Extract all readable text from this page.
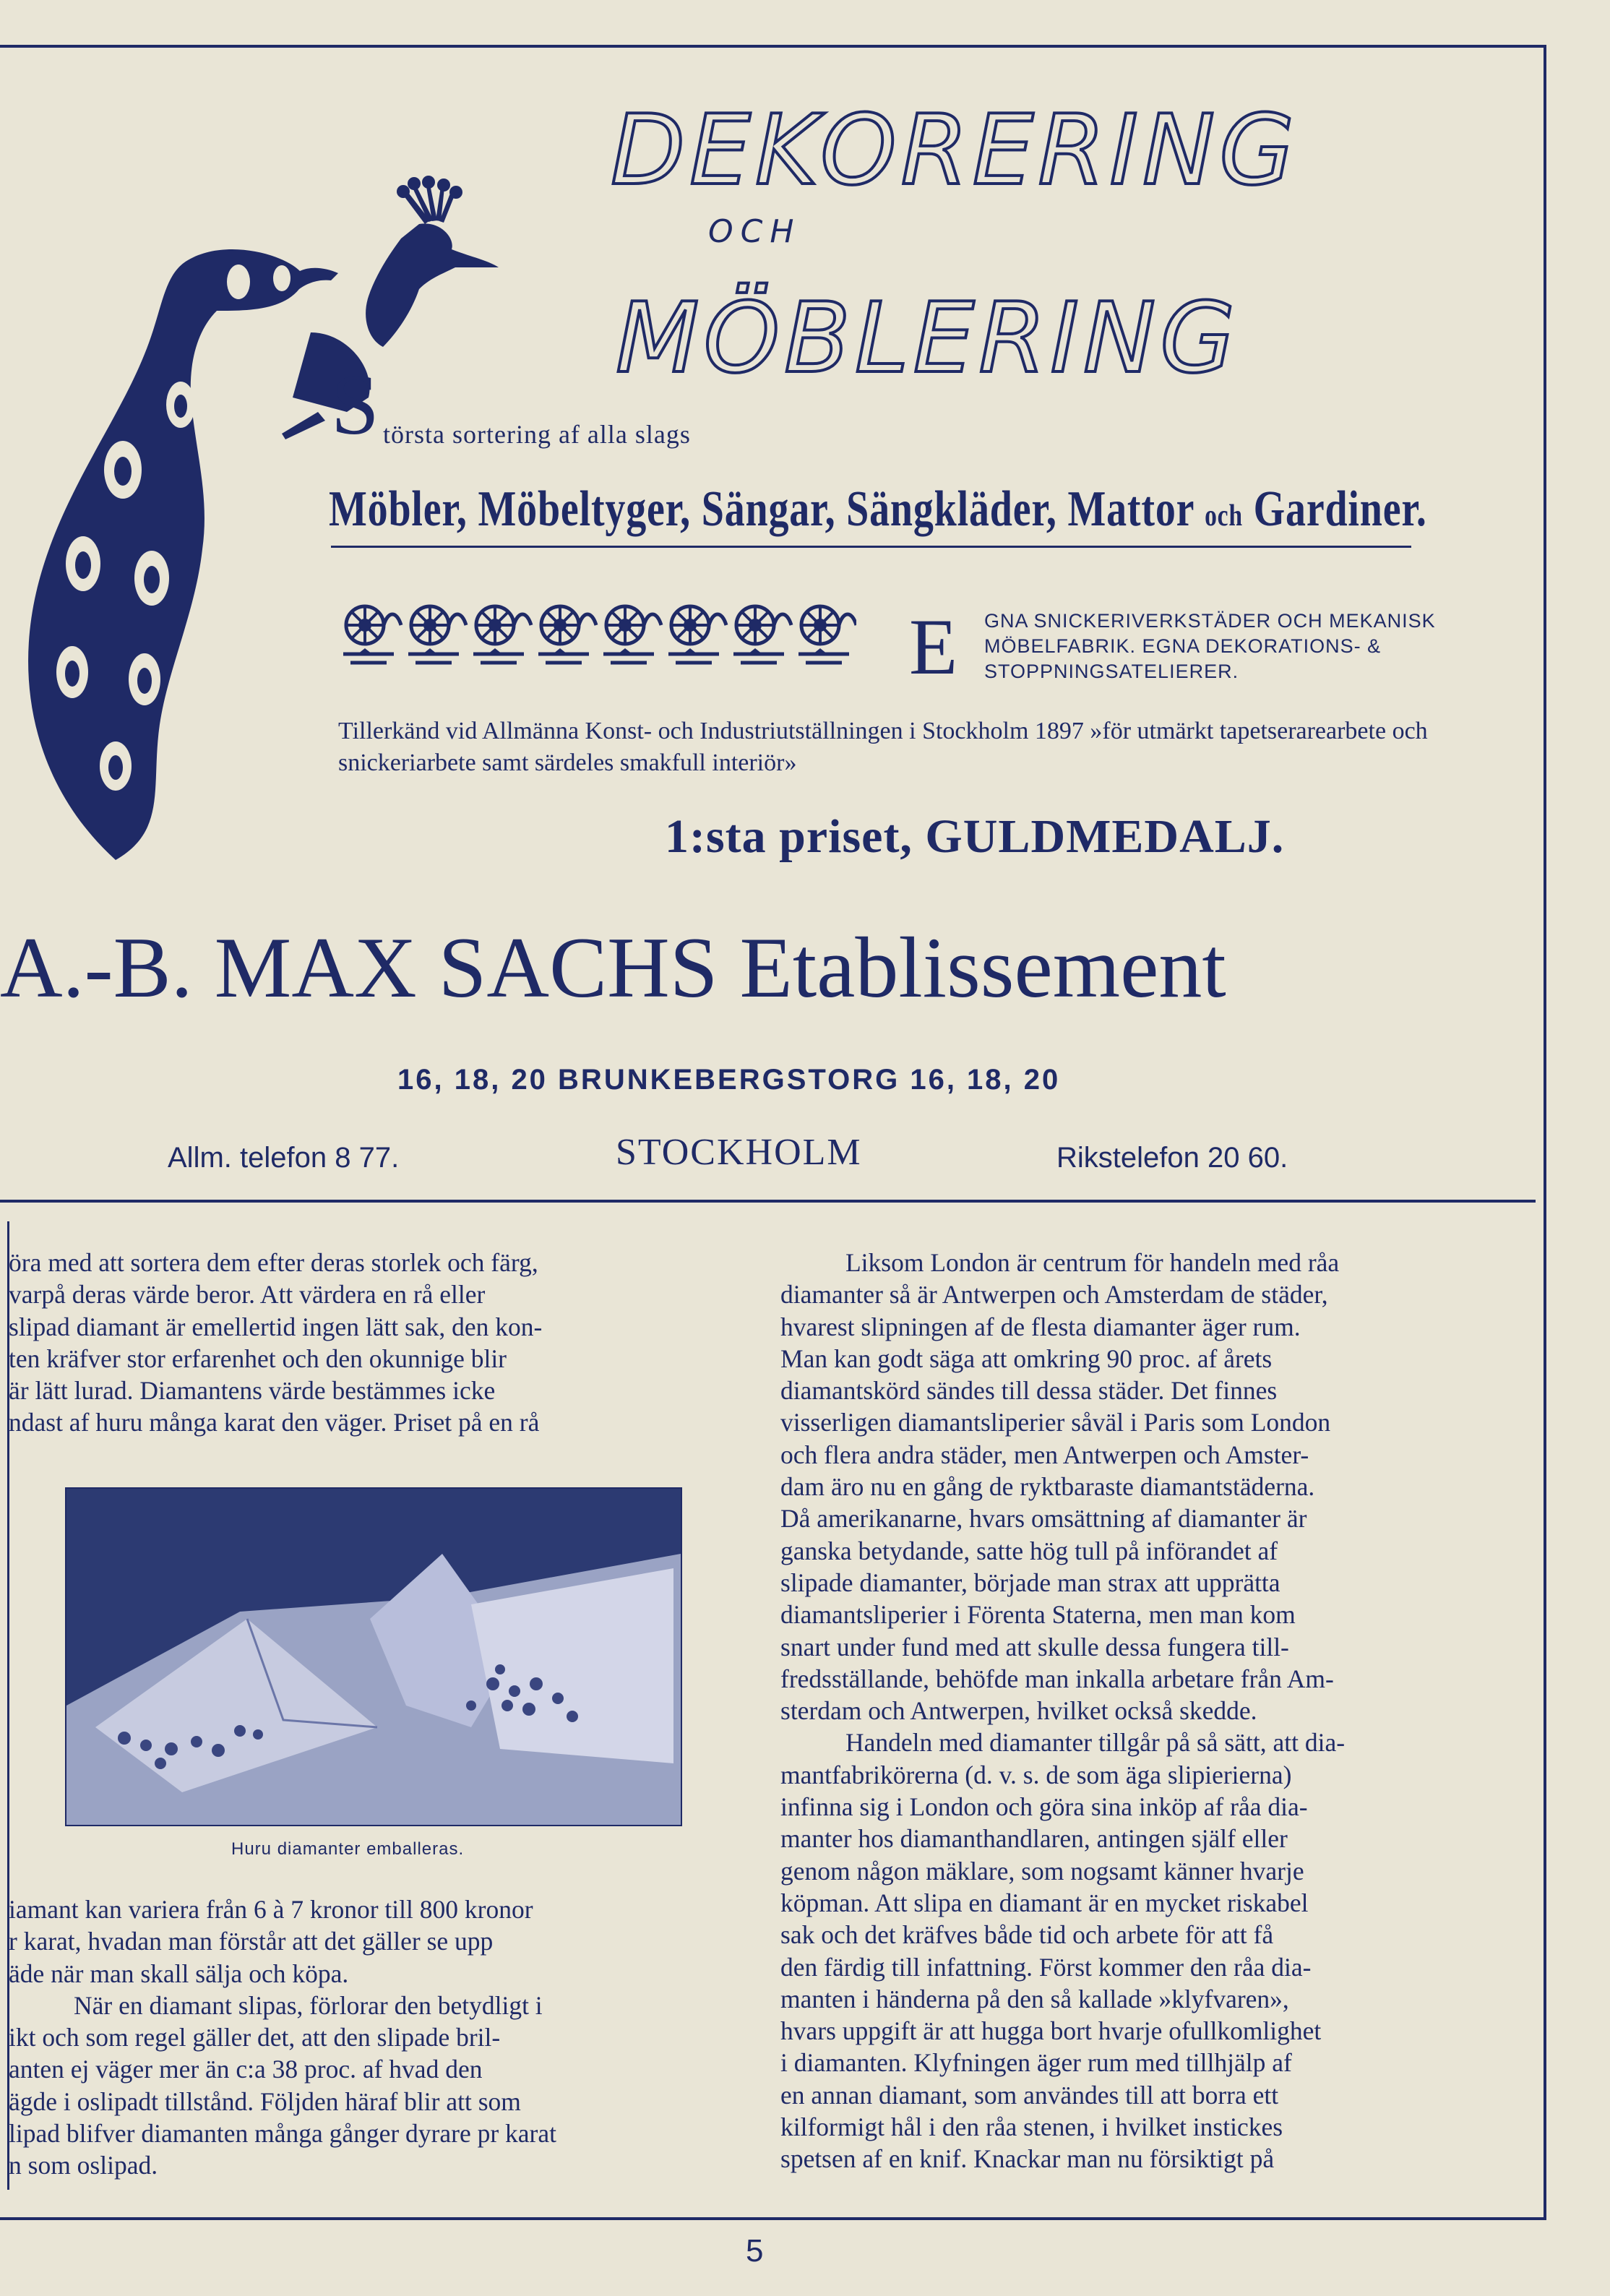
DEKORERING
OCH
MÖBLERING
S törsta sortering af alla slags
Möbler, Möbeltyger, Sängar, Sängkläder, Mattor och Gardiner.
E GNA SNICKERIVERKSTÄDER OCH MEKANISK MÖBELFABRIK. EGNA DEKORATIONS- & STOPPNINGSATELIERER.
Tillerkänd vid Allmänna Konst- och Industriutställningen i Stockholm 1897 »för utmärkt tapetserarearbete och snickeriarbete samt särdeles smakfull interiör»
1:sta priset, GULDMEDALJ.
A.-B. MAX SACHS Etablissement
16, 18, 20 BRUNKEBERGSTORG 16, 18, 20
Allm. telefon 8 77.	STOCKHOLM	Rikstelefon 20 60.
öra med att sortera dem efter deras storlek och färg,
varpå deras värde beror. Att värdera en rå eller
slipad diamant är emellertid ingen lätt sak, den kon-
ten kräfver stor erfarenhet och den okunnige blir
är lätt lurad. Diamantens värde bestämmes icke
ndast af huru många karat den väger. Priset på en rå
Huru diamanter emballeras.
iamant kan variera från 6 à 7 kronor till 800 kronor
r karat, hvadan man förstår att det gäller se upp
äde när man skall sälja och köpa.
När en diamant slipas, förlorar den betydligt i
ikt och som regel gäller det, att den slipade bril-
anten ej väger mer än c:a 38 proc. af hvad den
ägde i oslipadt tillstånd. Följden häraf blir att som
lipad blifver diamanten många gånger dyrare pr karat
n som oslipad.
Liksom London är centrum för handeln med råa
diamanter så är Antwerpen och Amsterdam de städer,
hvarest slipningen af de flesta diamanter äger rum.
Man kan godt säga att omkring 90 proc. af årets
diamantskörd sändes till dessa städer. Det finnes
visserligen diamantsliperier såväl i Paris som London
och flera andra städer, men Antwerpen och Amster-
dam äro nu en gång de ryktbaraste diamantstäderna.
Då amerikanarne, hvars omsättning af diamanter är
ganska betydande, satte hög tull på införandet af
slipade diamanter, började man strax att upprätta
diamantsliperier i Förenta Staterna, men man kom
snart under fund med att skulle dessa fungera till-
fredsställande, behöfde man inkalla arbetare från Am-
sterdam och Antwerpen, hvilket också skedde.
Handeln med diamanter tillgår på så sätt, att dia-
mantfabrikörerna (d. v. s. de som äga slipierierna)
infinna sig i London och göra sina inköp af råa dia-
manter hos diamanthandlaren, antingen själf eller
genom någon mäklare, som nogsamt känner hvarje
köpman. Att slipa en diamant är en mycket riskabel
sak och det kräfves både tid och arbete för att få
den färdig till infattning. Först kommer den råa dia-
manten i händerna på den så kallade »klyfvaren»,
hvars uppgift är att hugga bort hvarje ofullkomlighet
i diamanten. Klyfningen äger rum med tillhjälp af
en annan diamant, som användes till att borra ett
kilformigt hål i den råa stenen, i hvilket instickes
spetsen af en knif. Knackar man nu försiktigt på
5
